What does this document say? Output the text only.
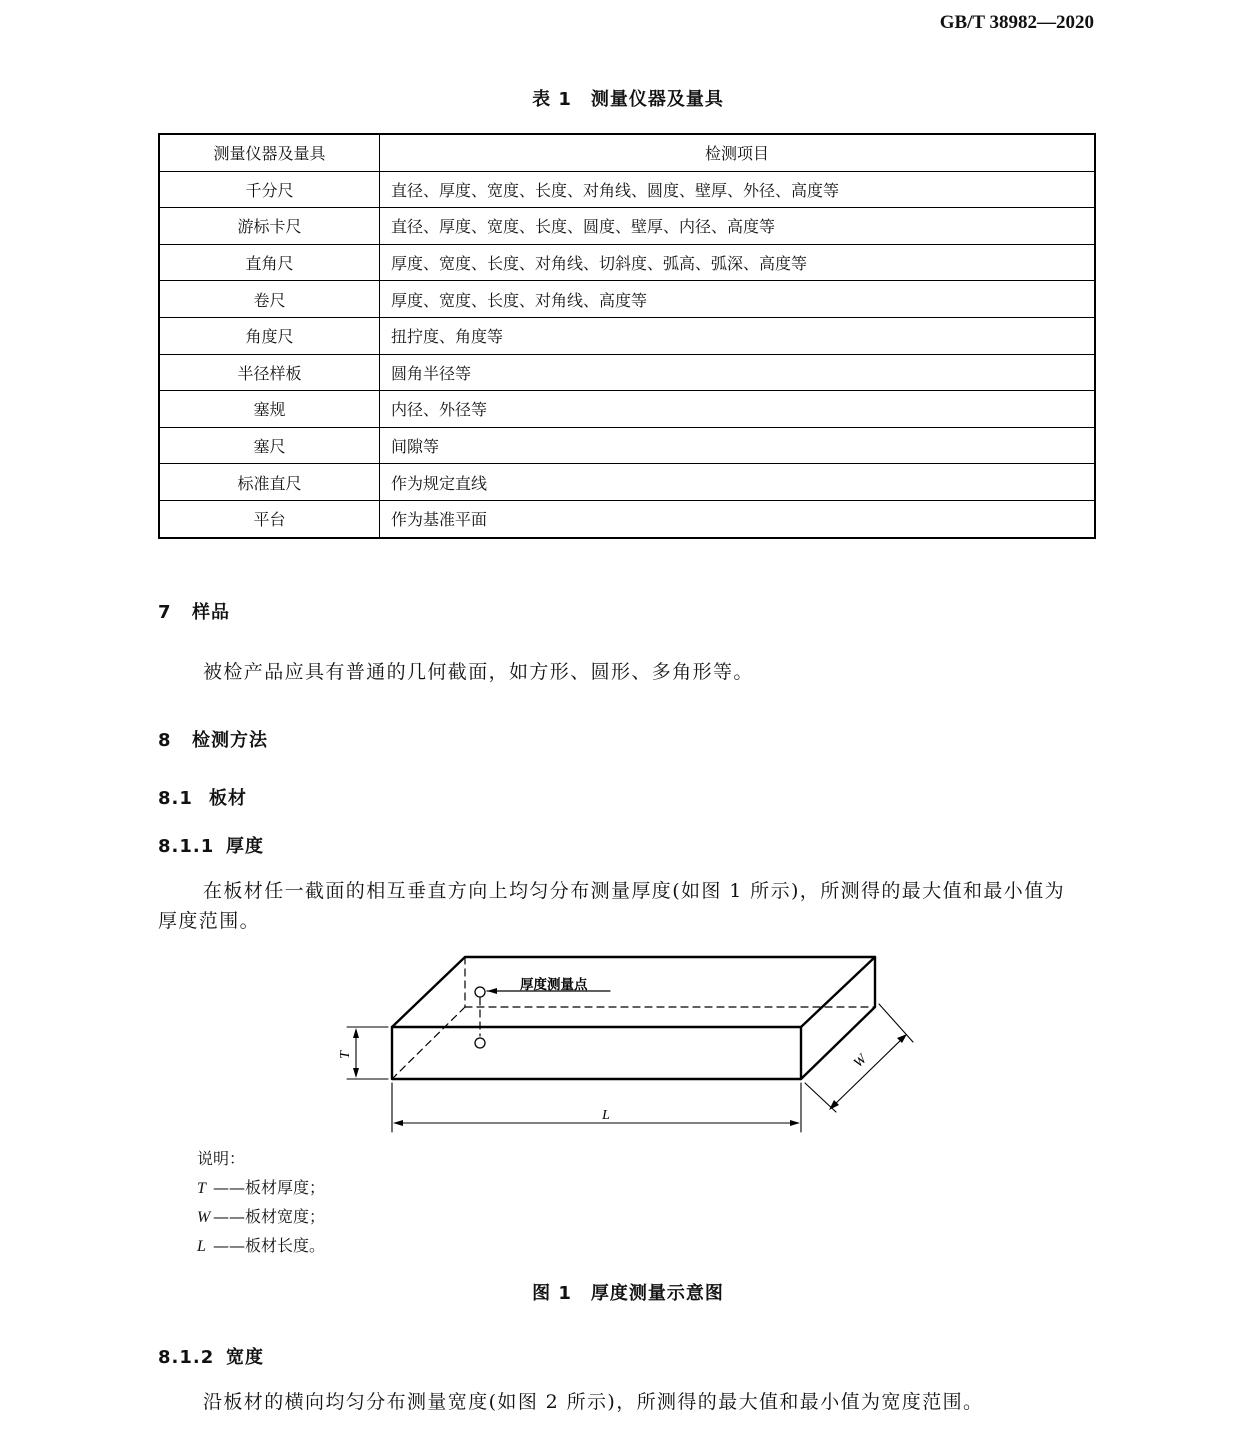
GB/T 38982—2020
表 1　测量仪器及量具
测量仪器及量具	检测项目
千分尺	直径、厚度、宽度、长度、对角线、圆度、壁厚、外径、高度等
游标卡尺	直径、厚度、宽度、长度、圆度、壁厚、内径、高度等
直角尺	厚度、宽度、长度、对角线、切斜度、弧高、弧深、高度等
卷尺	厚度、宽度、长度、对角线、高度等
角度尺	扭拧度、角度等
半径样板	圆角半径等
塞规	内径、外径等
塞尺	间隙等
标准直尺	作为规定直线
平台	作为基准平面
7 样品
被检产品应具有普通的几何截面，如方形、圆形、多角形等。
8 检测方法
8.1 板材
8.1.1 厚度
在板材任一截面的相互垂直方向上均匀分布测量厚度(如图 1 所示)，所测得的最大值和最小值为
厚度范围。
厚度测量点
T
L
W
说明：
T ——板材厚度；
W ——板材宽度；
L ——板材长度。
图 1　厚度测量示意图
8.1.2 宽度
沿板材的横向均匀分布测量宽度(如图 2 所示)，所测得的最大值和最小值为宽度范围。
